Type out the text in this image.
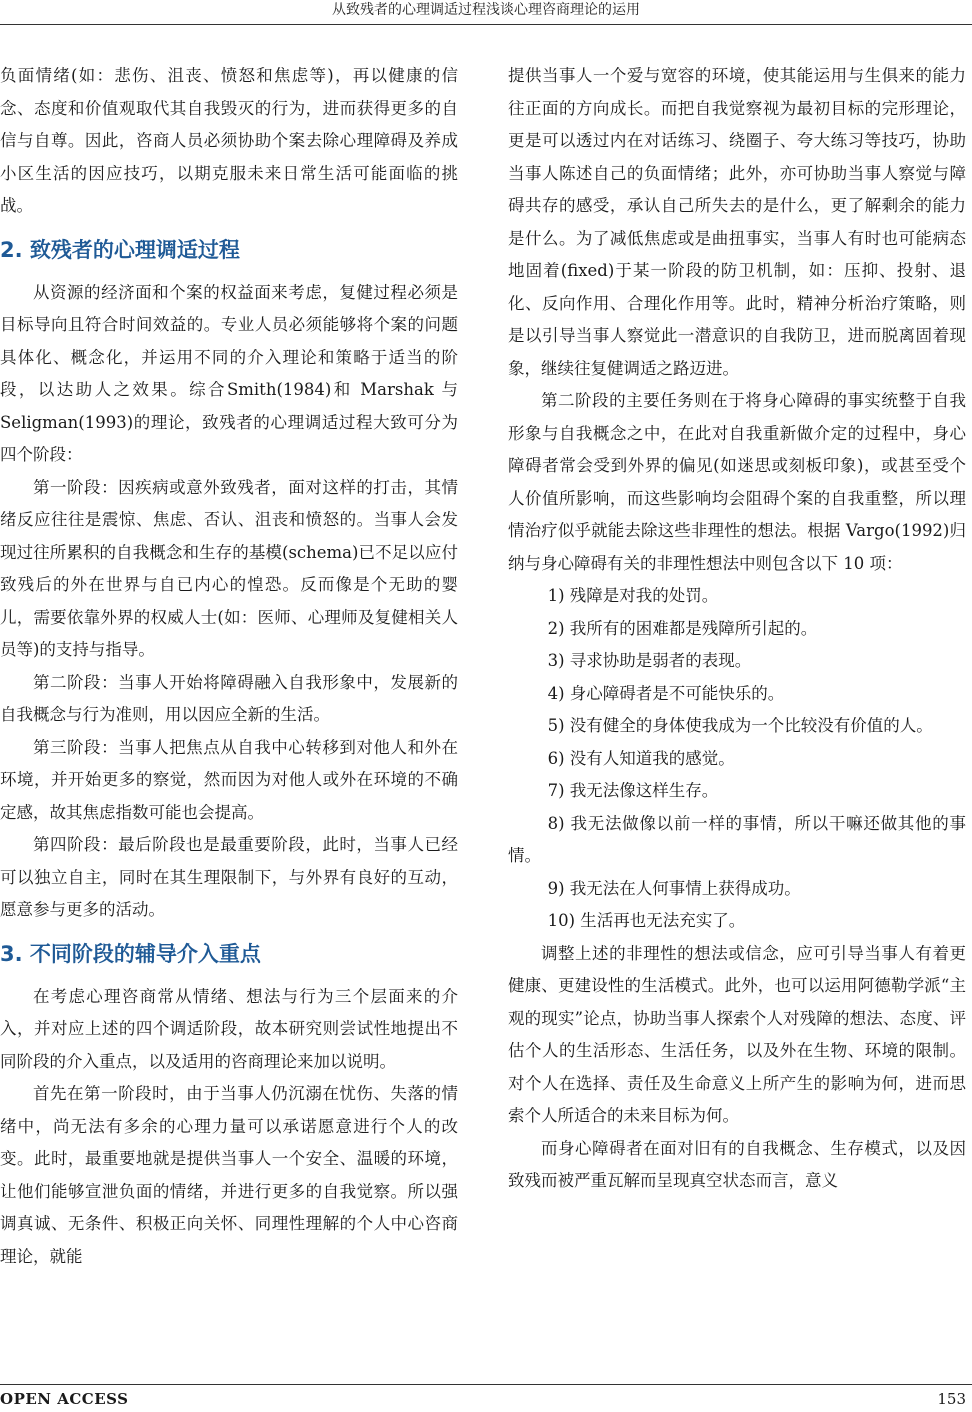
从致残者的心理调适过程浅谈心理咨商理论的运用

负面情绪(如：悲伤、沮丧、愤怒和焦虑等)，再以健康的信念、态度和价值观取代其自我毁灭的行为，进而获得更多的自信与自尊。因此，咨商人员必须协助个案去除心理障碍及养成小区生活的因应技巧，以期克服未来日常生活可能面临的挑战。

2. 致残者的心理调适过程

从资源的经济面和个案的权益面来考虑，复健过程必须是目标导向且符合时间效益的。专业人员必须能够将个案的问题具体化、概念化，并运用不同的介入理论和策略于适当的阶段，以达助人之效果。综合Smith(1984)和 Marshak 与 Seligman(1993)的理论，致残者的心理调适过程大致可分为四个阶段：

第一阶段：因疾病或意外致残者，面对这样的打击，其情绪反应往往是震惊、焦虑、否认、沮丧和愤怒的。当事人会发现过往所累积的自我概念和生存的基模(schema)已不足以应付致残后的外在世界与自已内心的惶恐。反而像是个无助的婴儿，需要依靠外界的权威人士(如：医师、心理师及复健相关人员等)的支持与指导。

第二阶段：当事人开始将障碍融入自我形象中，发展新的自我概念与行为准则，用以因应全新的生活。

第三阶段：当事人把焦点从自我中心转移到对他人和外在环境，并开始更多的察觉，然而因为对他人或外在环境的不确定感，故其焦虑指数可能也会提高。

第四阶段：最后阶段也是最重要阶段，此时，当事人已经可以独立自主，同时在其生理限制下，与外界有良好的互动，愿意参与更多的活动。

3. 不同阶段的辅导介入重点

在考虑心理咨商常从情绪、想法与行为三个层面来的介入，并对应上述的四个调适阶段，故本研究则尝试性地提出不同阶段的介入重点，以及适用的咨商理论来加以说明。

首先在第一阶段时，由于当事人仍沉溺在忧伤、失落的情绪中，尚无法有多余的心理力量可以承诺愿意进行个人的改变。此时，最重要地就是提供当事人一个安全、温暖的环境，让他们能够宣泄负面的情绪，并进行更多的自我觉察。所以强调真诚、无条件、积极正向关怀、同理性理解的个人中心咨商理论，就能

提供当事人一个爱与宽容的环境，使其能运用与生俱来的能力往正面的方向成长。而把自我觉察视为最初目标的完形理论，更是可以透过内在对话练习、绕圈子、夸大练习等技巧，协助当事人陈述自己的负面情绪；此外，亦可协助当事人察觉与障碍共存的感受，承认自己所失去的是什么，更了解剩余的能力是什么。为了减低焦虑或是曲扭事实，当事人有时也可能病态地固着(fixed)于某一阶段的防卫机制，如：压抑、投射、退化、反向作用、合理化作用等。此时，精神分析治疗策略，则是以引导当事人察觉此一潜意识的自我防卫，进而脱离固着现象，继续往复健调适之路迈进。

第二阶段的主要任务则在于将身心障碍的事实统整于自我形象与自我概念之中，在此对自我重新做介定的过程中，身心障碍者常会受到外界的偏见(如迷思或刻板印象)，或甚至受个人价值所影响，而这些影响均会阻碍个案的自我重整，所以理情治疗似乎就能去除这些非理性的想法。根据 Vargo(1992)归纳与身心障碍有关的非理性想法中则包含以下 10 项：

1) 残障是对我的处罚。

2) 我所有的困难都是残障所引起的。

3) 寻求协助是弱者的表现。

4) 身心障碍者是不可能快乐的。

5) 没有健全的身体使我成为一个比较没有价值的人。

6) 没有人知道我的感觉。

7) 我无法像这样生存。

8) 我无法做像以前一样的事情，所以干嘛还做其他的事情。

9) 我无法在人何事情上获得成功。

10) 生活再也无法充实了。

调整上述的非理性的想法或信念，应可引导当事人有着更健康、更建设性的生活模式。此外，也可以运用阿德勒学派“主观的现实”论点，协助当事人探索个人对残障的想法、态度、评估个人的生活形态、生活任务，以及外在生物、环境的限制。对个人在选择、责任及生命意义上所产生的影响为何，进而思索个人所适合的未来目标为何。

而身心障碍者在面对旧有的自我概念、生存模式，以及因致残而被严重瓦解而呈现真空状态而言，意义

OPEN ACCESS	153
